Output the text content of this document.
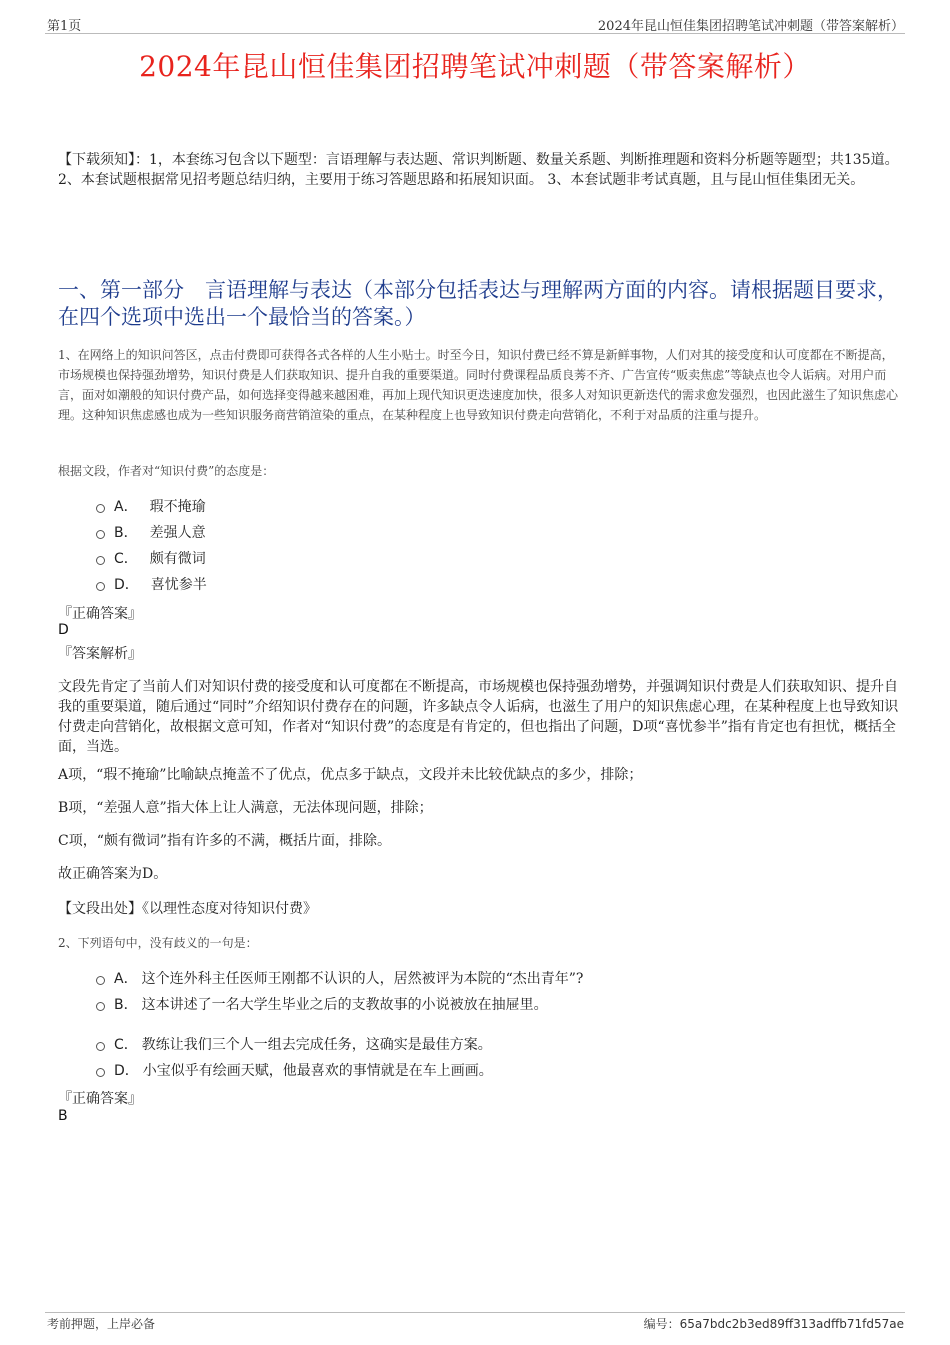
第1页	2024年昆山恒佳集团招聘笔试冲刺题（带答案解析）
2024年昆山恒佳集团招聘笔试冲刺题（带答案解析）
【下载须知】：1，本套练习包含以下题型：言语理解与表达题、常识判断题、数量关系题、判断推理题和资料分析题等题型；共135道。 2、本套试题根据常见招考题总结归纳，主要用于练习答题思路和拓展知识面。 3、本套试题非考试真题，且与昆山恒佳集团无关。
一、第一部分　言语理解与表达（本部分包括表达与理解两方面的内容。请根据题目要求，在四个选项中选出一个最恰当的答案。）
1、在网络上的知识问答区，点击付费即可获得各式各样的人生小贴士。时至今日，知识付费已经不算是新鲜事物，人们对其的接受度和认可度都在不断提高，市场规模也保持强劲增势，知识付费是人们获取知识、提升自我的重要渠道。同时付费课程品质良莠不齐、广告宣传“贩卖焦虑”等缺点也令人诟病。对用户而言，面对如潮般的知识付费产品，如何选择变得越来越困难，再加上现代知识更迭速度加快，很多人对知识更新迭代的需求愈发强烈，也因此滋生了知识焦虑心理。这种知识焦虑感也成为一些知识服务商营销渲染的重点，在某种程度上也导致知识付费走向营销化，不利于对品质的注重与提升。
根据文段，作者对“知识付费”的态度是：
A． 瑕不掩瑜
B． 差强人意
C． 颇有微词
D． 喜忧参半
『正确答案』
D
『答案解析』
文段先肯定了当前人们对知识付费的接受度和认可度都在不断提高，市场规模也保持强劲增势，并强调知识付费是人们获取知识、提升自我的重要渠道，随后通过“同时”介绍知识付费存在的问题，许多缺点令人诟病，也滋生了用户的知识焦虑心理，在某种程度上也导致知识付费走向营销化，故根据文意可知，作者对“知识付费”的态度是有肯定的，但也指出了问题，D项“喜忧参半”指有肯定也有担忧，概括全面，当选。
A项，“瑕不掩瑜”比喻缺点掩盖不了优点，优点多于缺点，文段并未比较优缺点的多少，排除；
B项，“差强人意”指大体上让人满意，无法体现问题，排除；
C项，“颇有微词”指有许多的不满，概括片面，排除。
故正确答案为D。
【文段出处】《以理性态度对待知识付费》
2、下列语句中，没有歧义的一句是：
A． 这个连外科主任医师王刚都不认识的人，居然被评为本院的“杰出青年”?
B． 这本讲述了一名大学生毕业之后的支教故事的小说被放在抽屉里。
C． 教练让我们三个人一组去完成任务，这确实是最佳方案。
D． 小宝似乎有绘画天赋，他最喜欢的事情就是在车上画画。
『正确答案』
B
考前押题，上岸必备	编号：65a7bdc2b3ed89ff313adffb71fd57ae
